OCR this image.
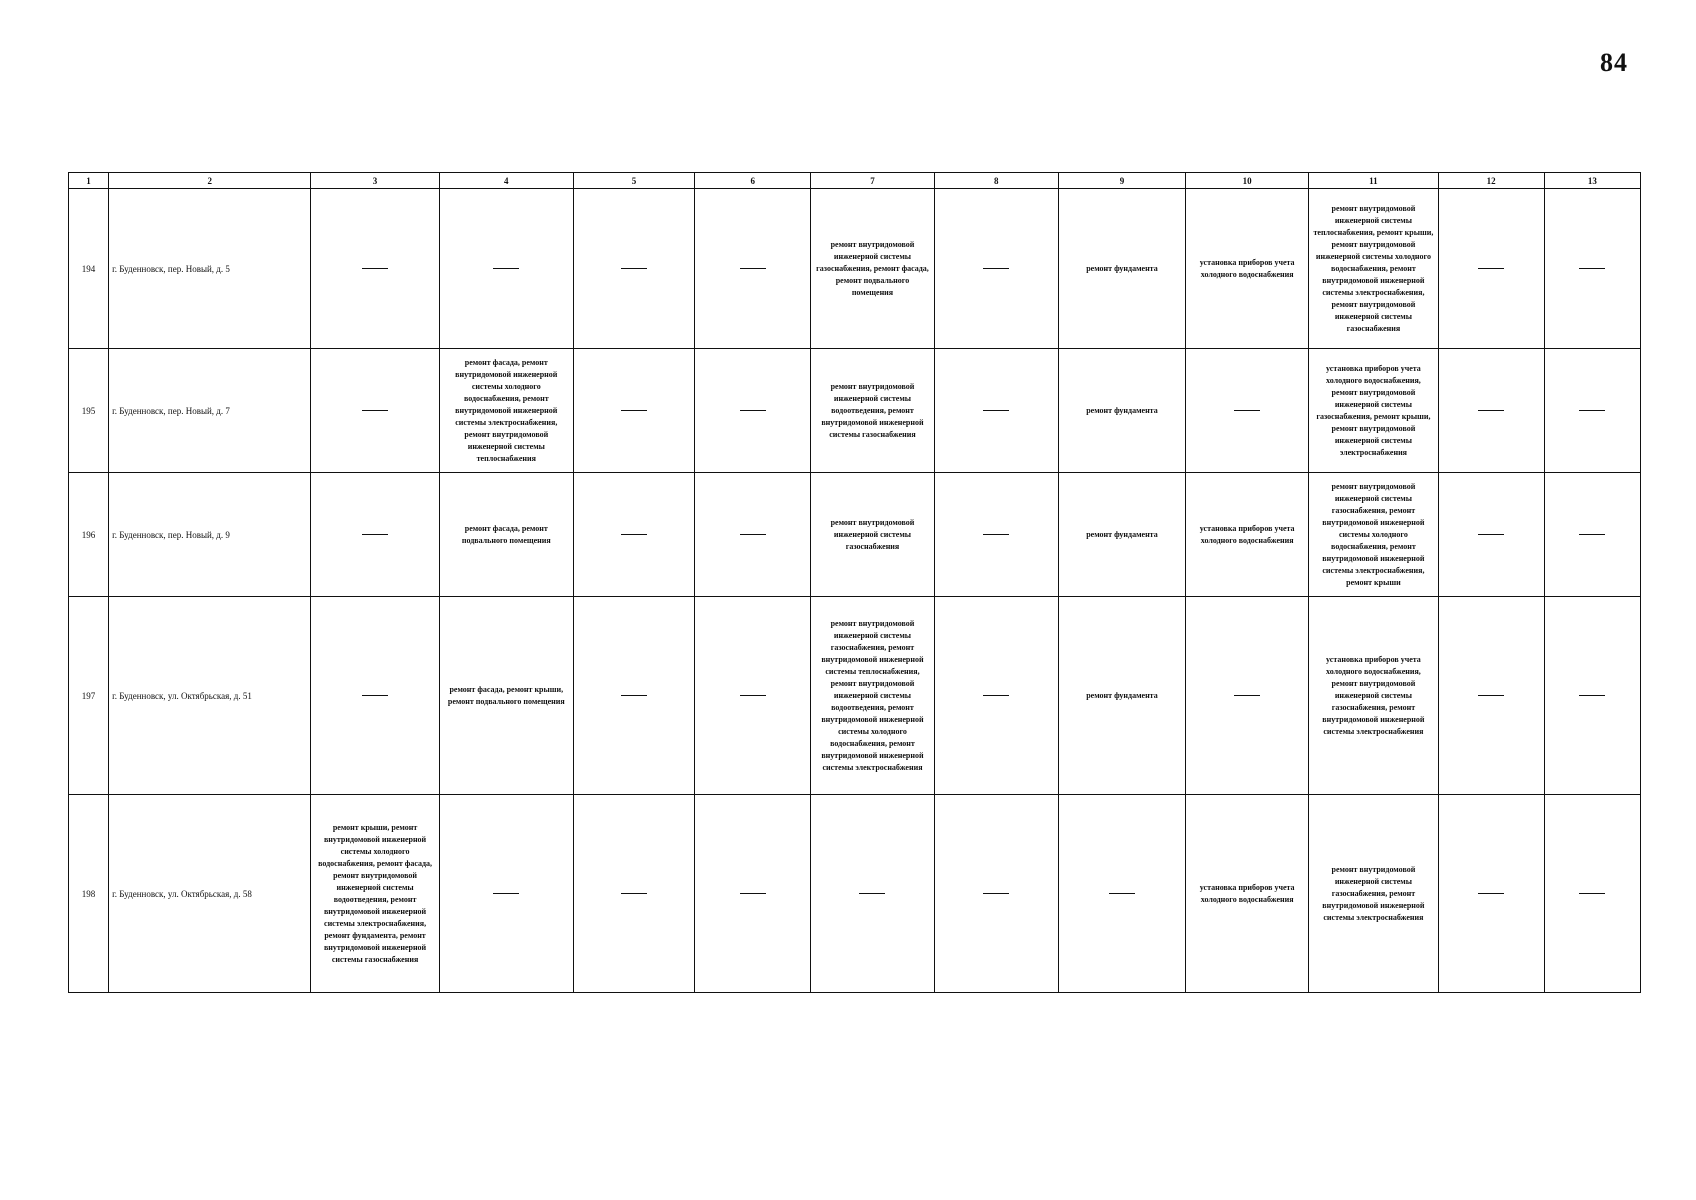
84
1	2	3	4	5	6	7	8	9	10	11	12	13
194	г. Буденновск, пер. Новый, д. 5					ремонт внутридомовой инженерной системы газоснабжения, ремонт фасада, ремонт подвального помещения		ремонт фундамента	установка приборов учета холодного водоснабжения	ремонт внутридомовой инженерной системы теплоснабжения, ремонт крыши, ремонт внутридомовой инженерной системы холодного водоснабжения, ремонт внутридомовой инженерной системы электроснабжения, ремонт внутридомовой инженерной системы газоснабжения		
195	г. Буденновск, пер. Новый, д. 7		ремонт фасада, ремонт внутридомовой инженерной системы холодного водоснабжения, ремонт внутридомовой инженерной системы электроснабжения, ремонт внутридомовой инженерной системы теплоснабжения			ремонт внутридомовой инженерной системы водоотведения, ремонт внутридомовой инженерной системы газоснабжения		ремонт фундамента		установка приборов учета холодного водоснабжения, ремонт внутридомовой инженерной системы газоснабжения, ремонт крыши, ремонт внутридомовой инженерной системы электроснабжения		
196	г. Буденновск, пер. Новый, д. 9		ремонт фасада, ремонт подвального помещения			ремонт внутридомовой инженерной системы газоснабжения		ремонт фундамента	установка приборов учета холодного водоснабжения	ремонт внутридомовой инженерной системы газоснабжения, ремонт внутридомовой инженерной системы холодного водоснабжения, ремонт внутридомовой инженерной системы электроснабжения, ремонт крыши		
197	г. Буденновск, ул. Октябрьская, д. 51		ремонт фасада, ремонт крыши, ремонт подвального помещения			ремонт внутридомовой инженерной системы газоснабжения, ремонт внутридомовой инженерной системы теплоснабжения, ремонт внутридомовой инженерной системы водоотведения, ремонт внутридомовой инженерной системы холодного водоснабжения, ремонт внутридомовой инженерной системы электроснабжения		ремонт фундамента		установка приборов учета холодного водоснабжения, ремонт внутридомовой инженерной системы газоснабжения, ремонт внутридомовой инженерной системы электроснабжения		
198	г. Буденновск, ул. Октябрьская, д. 58	ремонт крыши, ремонт внутридомовой инженерной системы холодного водоснабжения, ремонт фасада, ремонт внутридомовой инженерной системы водоотведения, ремонт внутридомовой инженерной системы электроснабжения, ремонт фундамента, ремонт внутридомовой инженерной системы газоснабжения							установка приборов учета холодного водоснабжения	ремонт внутридомовой инженерной системы газоснабжения, ремонт внутридомовой инженерной системы электроснабжения		
